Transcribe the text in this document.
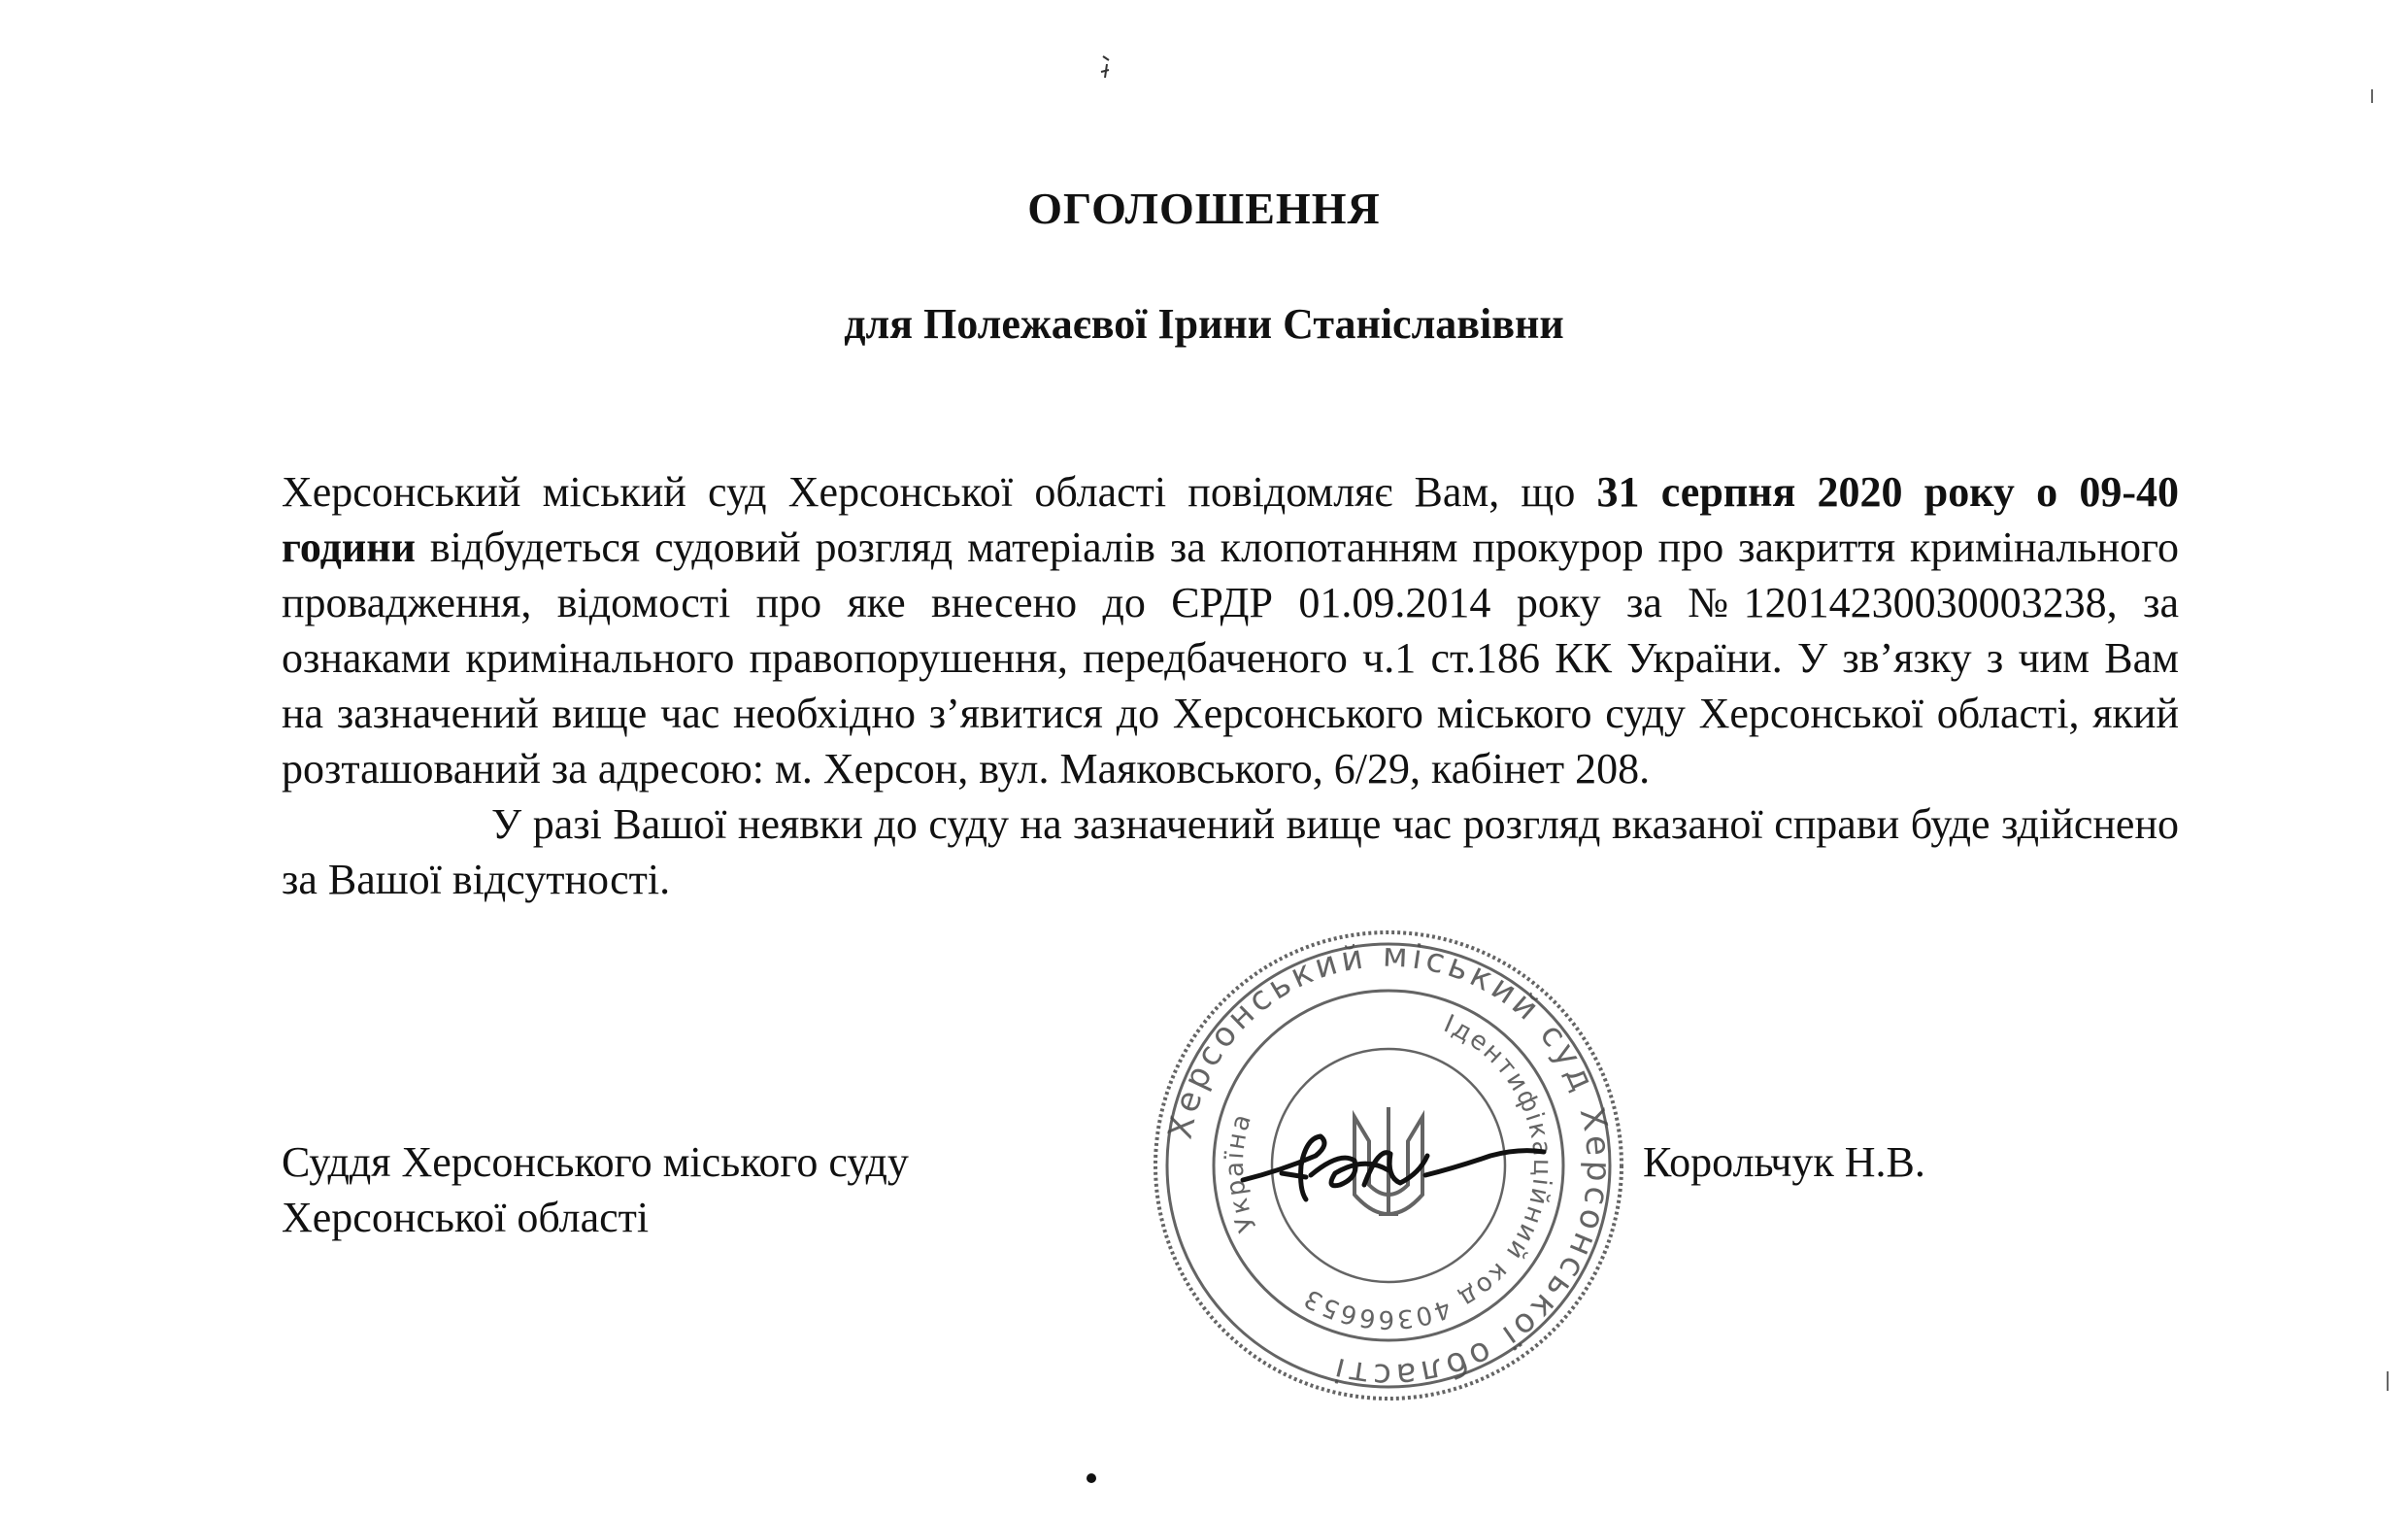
ОГОЛОШЕННЯ
для Полежаєвої Ірини Станіславівни
Херсонський міський суд Херсонської області повідомляє Вам, що 31 серпня 2020 року о 09-40 години відбудеться судовий розгляд матеріалів за клопотанням прокурор про закриття кримінального провадження, відомості про яке внесено до ЄРДР 01.09.2014 року за №12014230030003238, за ознаками кримінального правопорушення, передбаченого ч.1 ст.186 КК України. У зв’язку з чим Вам на зазначений вище час необхідно з’явитися до Херсонського міського суду Херсонської області, який розташований за адресою: м. Херсон, вул. Маяковського, 6/29, кабінет 208.
У разі Вашої неявки до суду на зазначений вище час розгляд вказаної справи буде здійснено за Вашої відсутності.
Суддя Херсонського міського суду
Херсонської області
Корольчук Н.В.
Херсонський міський суд Херсонської області
Ідентифікаційний код 40366653
Україна
